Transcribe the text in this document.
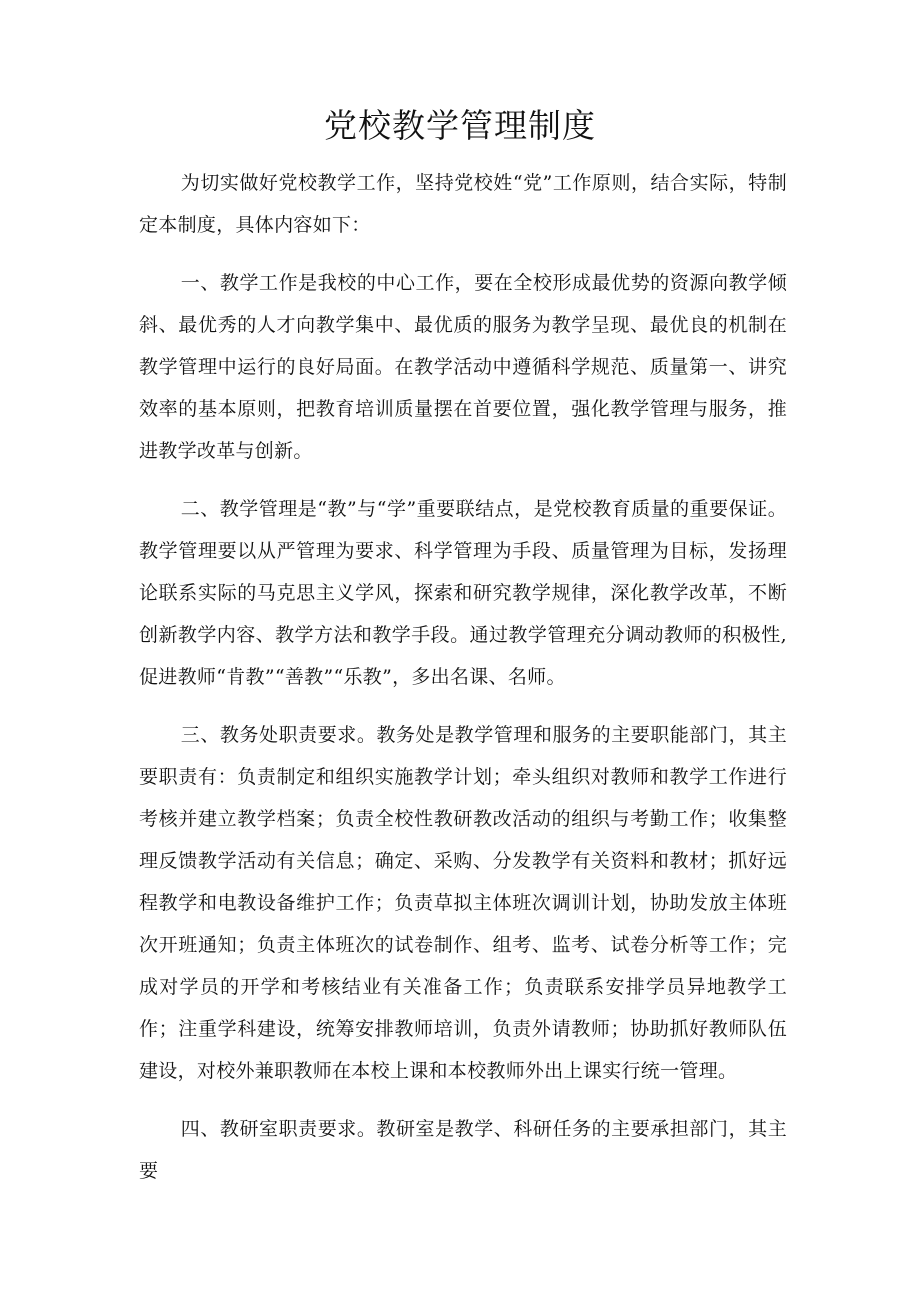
党校教学管理制度

为切实做好党校教学工作，坚持党校姓“党”工作原则，结合实际，特制定本制度，具体内容如下：

一、教学工作是我校的中心工作，要在全校形成最优势的资源向教学倾斜、最优秀的人才向教学集中、最优质的服务为教学呈现、最优良的机制在教学管理中运行的良好局面。在教学活动中遵循科学规范、质量第一、讲究效率的基本原则，把教育培训质量摆在首要位置，强化教学管理与服务，推进教学改革与创新。

二、教学管理是“教”与“学”重要联结点，是党校教育质量的重要保证。教学管理要以从严管理为要求、科学管理为手段、质量管理为目标，发扬理论联系实际的马克思主义学风，探索和研究教学规律，深化教学改革，不断创新教学内容、教学方法和教学手段。通过教学管理充分调动教师的积极性,促进教师“肯教”“善教”“乐教”，多出名课、名师。

三、教务处职责要求。教务处是教学管理和服务的主要职能部门，其主要职责有：负责制定和组织实施教学计划；牵头组织对教师和教学工作进行考核并建立教学档案；负责全校性教研教改活动的组织与考勤工作；收集整理反馈教学活动有关信息；确定、采购、分发教学有关资料和教材；抓好远程教学和电教设备维护工作；负责草拟主体班次调训计划，协助发放主体班次开班通知；负责主体班次的试卷制作、组考、监考、试卷分析等工作；完成对学员的开学和考核结业有关准备工作；负责联系安排学员异地教学工作；注重学科建设，统筹安排教师培训，负责外请教师；协助抓好教师队伍建设，对校外兼职教师在本校上课和本校教师外出上课实行统一管理。

四、教研室职责要求。教研室是教学、科研任务的主要承担部门，其主要
